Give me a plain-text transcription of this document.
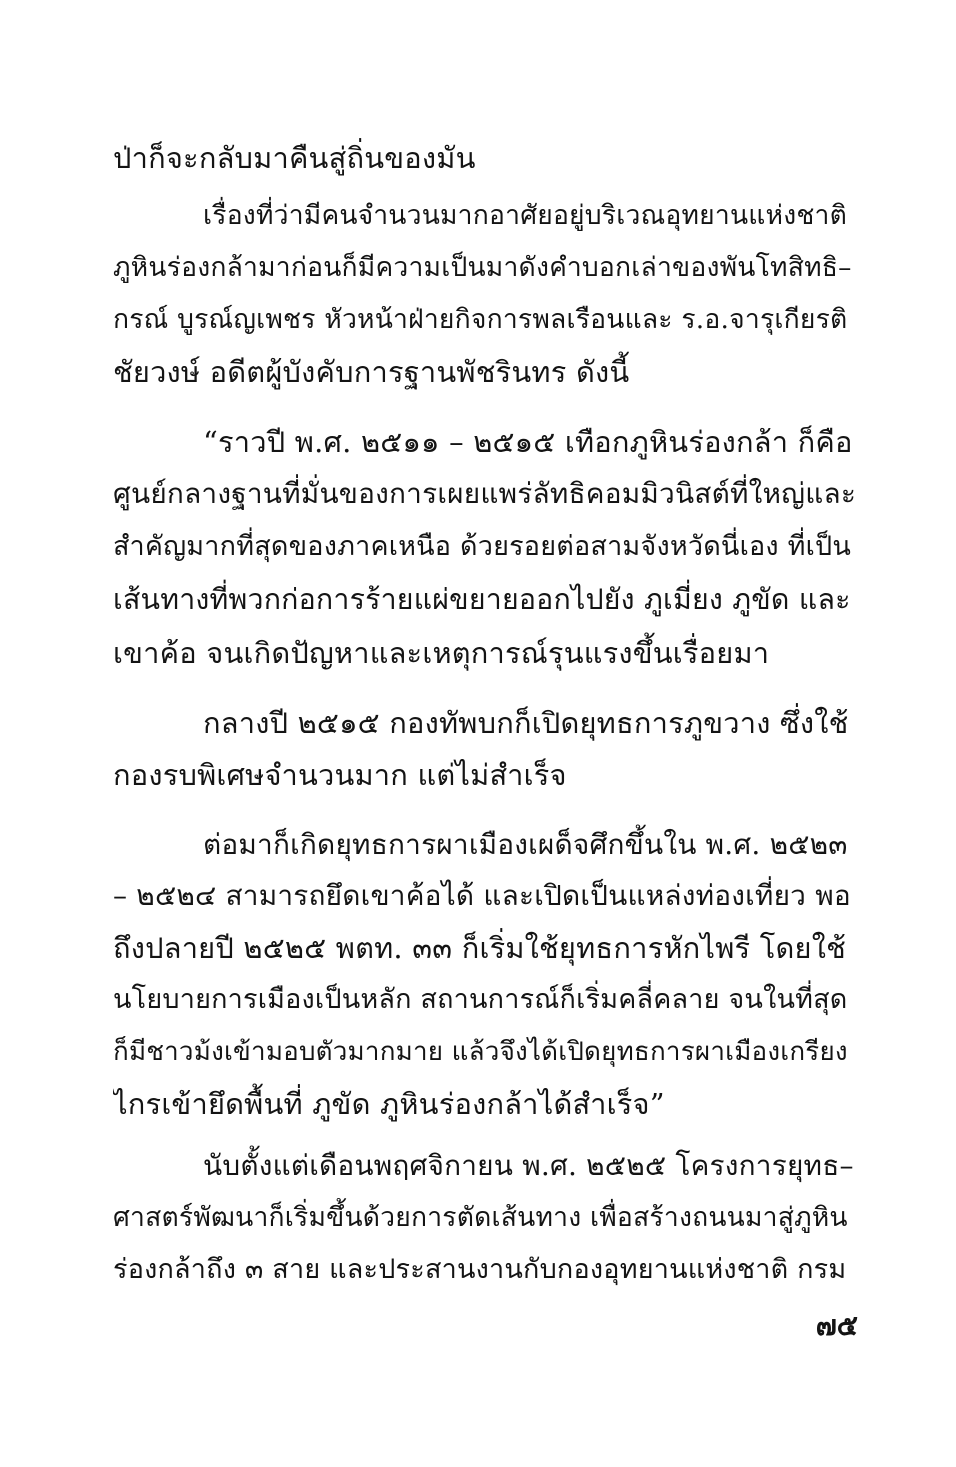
ป่าก็จะกลับมาคืนสู่ถิ่นของมัน
เรื่องที่ว่ามีคนจำนวนมากอาศัยอยู่บริเวณอุทยานแห่งชาติ
ภูหินร่องกล้ามาก่อนก็มีความเป็นมาดังคำบอกเล่าของพันโทสิทธิ–
กรณ์ บูรณ์ญเพชร หัวหน้าฝ่ายกิจการพลเรือนและ ร.อ.จารุเกียรติ
ชัยวงษ์ อดีตผู้บังคับการฐานพัชรินทร ดังนี้
“ราวปี พ.ศ. ๒๕๑๑ – ๒๕๑๕ เทือกภูหินร่องกล้า ก็คือ
ศูนย์กลางฐานที่มั่นของการเผยแพร่ลัทธิคอมมิวนิสต์ที่ใหญ่และ
สำคัญมากที่สุดของภาคเหนือ ด้วยรอยต่อสามจังหวัดนี่เอง ที่เป็น
เส้นทางที่พวกก่อการร้ายแผ่ขยายออกไปยัง ภูเมี่ยง ภูขัด และ
เขาค้อ จนเกิดปัญหาและเหตุการณ์รุนแรงขึ้นเรื่อยมา
กลางปี ๒๕๑๕ กองทัพบกก็เปิดยุทธการภูขวาง ซึ่งใช้
กองรบพิเศษจำนวนมาก แต่ไม่สำเร็จ
ต่อมาก็เกิดยุทธการผาเมืองเผด็จศึกขึ้นใน พ.ศ. ๒๕๒๓
– ๒๕๒๔ สามารถยึดเขาค้อได้ และเปิดเป็นแหล่งท่องเที่ยว พอ
ถึงปลายปี ๒๕๒๕ พตท. ๓๓ ก็เริ่มใช้ยุทธการหักไพรี โดยใช้
นโยบายการเมืองเป็นหลัก สถานการณ์ก็เริ่มคลี่คลาย จนในที่สุด
ก็มีชาวม้งเข้ามอบตัวมากมาย แล้วจึงได้เปิดยุทธการผาเมืองเกรียง
ไกรเข้ายึดพื้นที่ ภูขัด ภูหินร่องกล้าได้สำเร็จ”
นับตั้งแต่เดือนพฤศจิกายน พ.ศ. ๒๕๒๕ โครงการยุทธ–
ศาสตร์พัฒนาก็เริ่มขึ้นด้วยการตัดเส้นทาง เพื่อสร้างถนนมาสู่ภูหิน
ร่องกล้าถึง ๓ สาย และประสานงานกับกองอุทยานแห่งชาติ กรม
๗๕
